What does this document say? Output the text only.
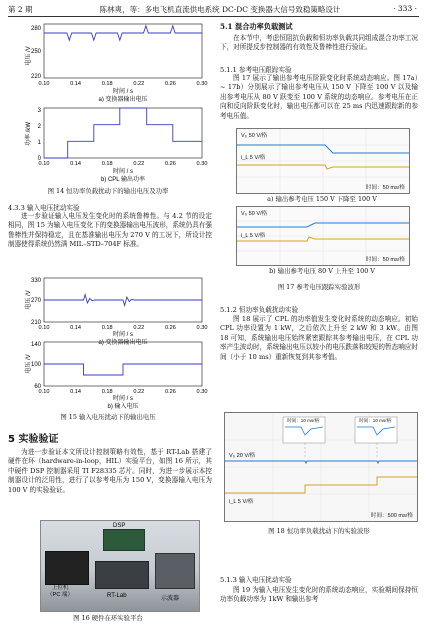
第 2 期	陈林爽，等：多电飞机直流供电系统 DC-DC 变换器大信号致稳策略设计	· 333 ·
电压 /V
280
250
220
0.10	0.14	0.18	0.22	0.26	0.30
时间 / s
a) 变换器输出电压
功率 /kW
3
2
1
0
0.10	0.14	0.18	0.22	0.26	0.30
时间 / s
b) CPL 输出功率
图 14 恒功率负载扰动下的输出电压及功率
4.3.3 输入电压扰动实验
进一步验证输入电压发生变化时的系统鲁棒性。与 4.2 节的设定相同，图 15 为输入电压变化下的变换器输出电压波形，系统仍具有强鲁棒性并保持稳定，且在基准输出电压为 270 V 的工况下，所设计控制器使得系统仍然满 MIL–STD–704F 标准。
电压 /V
330
270
210
0.10	0.14	0.18	0.22	0.26	0.30
时间 / s
a) 变换器输出电压
电压 /V
140
100
60
0.10	0.14	0.18	0.22	0.26	0.30
时间 / s
b) 输入电压
图 15 输入电压扰动下的输出电压
5 实验验证
为进一步验证本文所设计控制策略有效性，基于 RT-Lab 搭建了硬件在环（hardware-in-loop，HIL）实验平台，如图 16 所示，其中硬件 DSP 控制器采用 TI F28335 芯片。同时，为进一步展示本控制器设计的泛用性，进行了以参考电压为 150 V，变换器输入电压为 100 V 的实验验证。
DSP
上位机
（PC 端）	RT-Lab	示波器
图 16 硬件在环实验平台
5.1 混合功率负载测试
在本节中，考虑恒阻抗负载和恒功率负载共同组成混合功率工况下，对所提反步控制器的有效性及鲁棒性进行验证。
5.1.1 参考电压跟踪实验
图 17 展示了输出参考电压阶跃变化时系统动态响应。图 17a）~ 17b）分别展示了输出参考电压从 150 V 下降至 100 V 以及输出参考电压从 80 V 跃变至 100 V 系统的动态响应。参考电压在正向和反向阶跃变化时，输出电压都可以在 25 ms 内迅速跟踪新的参考电压值。
V₀ 50 V/格
i_L 5 V/格
时间：50 ms/格
a) 输出参考电压 150 V 下降至 100 V
V₀ 50 V/格
i_L 5 V/格
时间：50 ms/格
b) 输出参考电压 80 V 上升至 100 V
图 17 参考电压跟踪实验波形
5.1.2 恒功率负载扰动实验
图 18 展示了 CPL 的功率值发生变化时系统的动态响应。初始 CPL 功率设置为 1 kW，之后依次上升至 2 kW 和 3 kW。由图 18 可知，系统输出电压始终紧密跟踪其参考输出电压，在 CPL 功率产生波动时，系统输出电压以较小的电压跌落和较短的暂态响应时间（小于 10 ms）重新恢复到其参考值。
时间：10 ms/格	时间：10 ms/格
V₀ 20 V/格
i_L 5 V/格
时间：500 ms/格
图 18 恒功率负载扰动下的实验波形
5.1.3 输入电压扰动实验
图 19 为输入电压发生变化时的系统动态响应，实验期间保持恒功率负载功率为 1kW 和输出参考
